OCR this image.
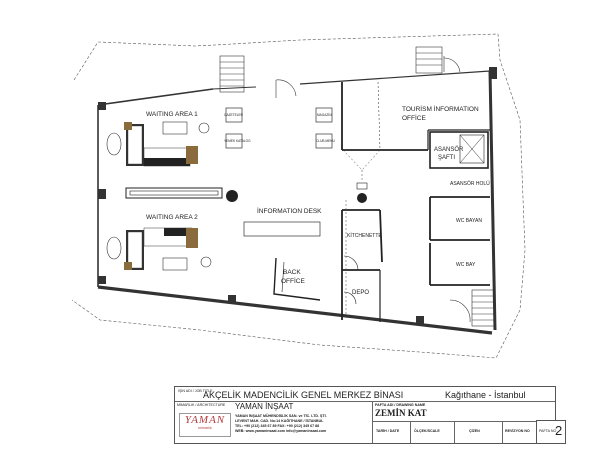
WAITING AREA 1
WAITING AREA 2
İNFORMATION DESK
TOURİSM İNFORMATION
OFFİCE
ASANSÖR
ŞAFTI
ASANSÖR HOLÜ
KİTCHENETTE
WC BAYAN
WC BAY
BACK
OFFİCE
DEPO
GAZETELER
YEMEK KATALOG
MAGAZİN
CLUB MENU
İŞİN ADI / JOB TITLE
AKÇELİK MADENCİLİK GENEL MERKEZ BİNASI	Kağıthane - İstanbul
MİMARLIK / ARCHITECTURE YAMAN İNŞAAT
YAMAN
mimarlık
YAMAN İNŞAAT MÜHENDİSLİK SAN. ve TİC. LTD. ŞTİ.
LEVENT MAH. CAD. No:14 KAĞITHANE / İSTANBUL
TEL: +90 (212) 345 67 89 FAX: +90 (212) 345 67 88
WEB: www.yamaninsaat.com info@yamaninsaat.com
PAFTA ADI / DRAWING NAME
ZEMİN KAT
TARİH / DATE	ÖLÇEK/SCALE	ÇİZEN	REVİZYON NO	PAFTA NO
2
